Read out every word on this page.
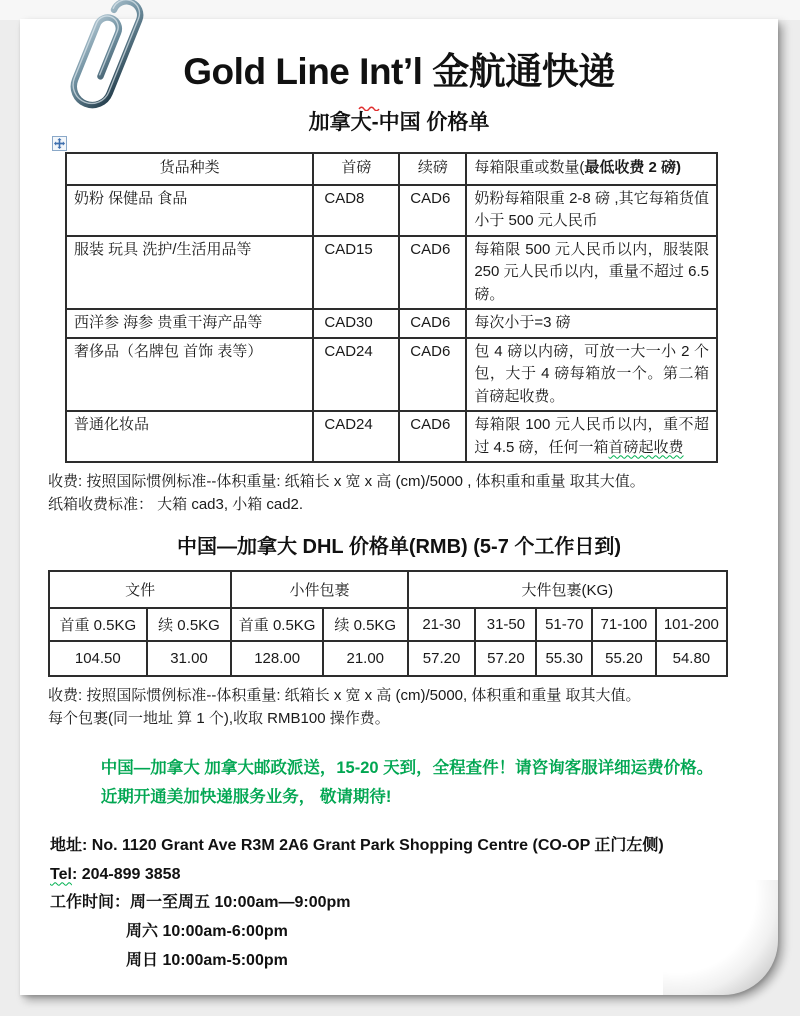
Gold Line Int’l 金航通快递
加拿大-中国 价格单
货品种类	首磅	续磅	每箱限重或数量(最低收费 2 磅)
奶粉 保健品 食品	CAD8	CAD6	奶粉每箱限重 2-8 磅 ,其它每箱货值小于 500 元人民币
服装 玩具 洗护/生活用品等	CAD15	CAD6	每箱限 500 元人民币以内，服装限 250 元人民币以内，重量不超过 6.5 磅。
西洋参 海参 贵重干海产品等	CAD30	CAD6	每次小于=3 磅
奢侈品（名牌包 首饰 表等）	CAD24	CAD6	包 4 磅以内磅，可放一大一小 2 个包，大于 4 磅每箱放一个。第二箱首磅起收费。
普通化妆品	CAD24	CAD6	每箱限 100 元人民币以内，重不超过 4.5 磅，任何一箱首磅起收费
收费: 按照国际惯例标准--体积重量: 纸箱长 x 宽 x 高 (cm)/5000 , 体积重和重量 取其大值。
纸箱收费标准： 大箱 cad3, 小箱 cad2.
中国—加拿大 DHL 价格单(RMB) (5-7 个工作日到)
文件		小件包裹		大件包裹(KG)				
首重 0.5KG	续 0.5KG	首重 0.5KG	续 0.5KG	21-30	31-50	51-70	71-100	101-200
104.50	31.00	128.00	21.00	57.20	57.20	55.30	55.20	54.80
收费: 按照国际惯例标准--体积重量: 纸箱长 x 宽 x 高 (cm)/5000, 体积重和重量 取其大值。
每个包裹(同一地址 算 1 个),收取 RMB100 操作费。

中国—加拿大 加拿大邮政派送，15-20 天到，全程查件！请咨询客服详细运费价格。

近期开通美加快递服务业务， 敬请期待!

地址: No. 1120 Grant Ave R3M 2A6 Grant Park Shopping Centre (CO-OP 正门左侧)
Tel: 204-899 3858
工作时间：周一至周五 10:00am—9:00pm
周六 10:00am-6:00pm
周日 10:00am-5:00pm
